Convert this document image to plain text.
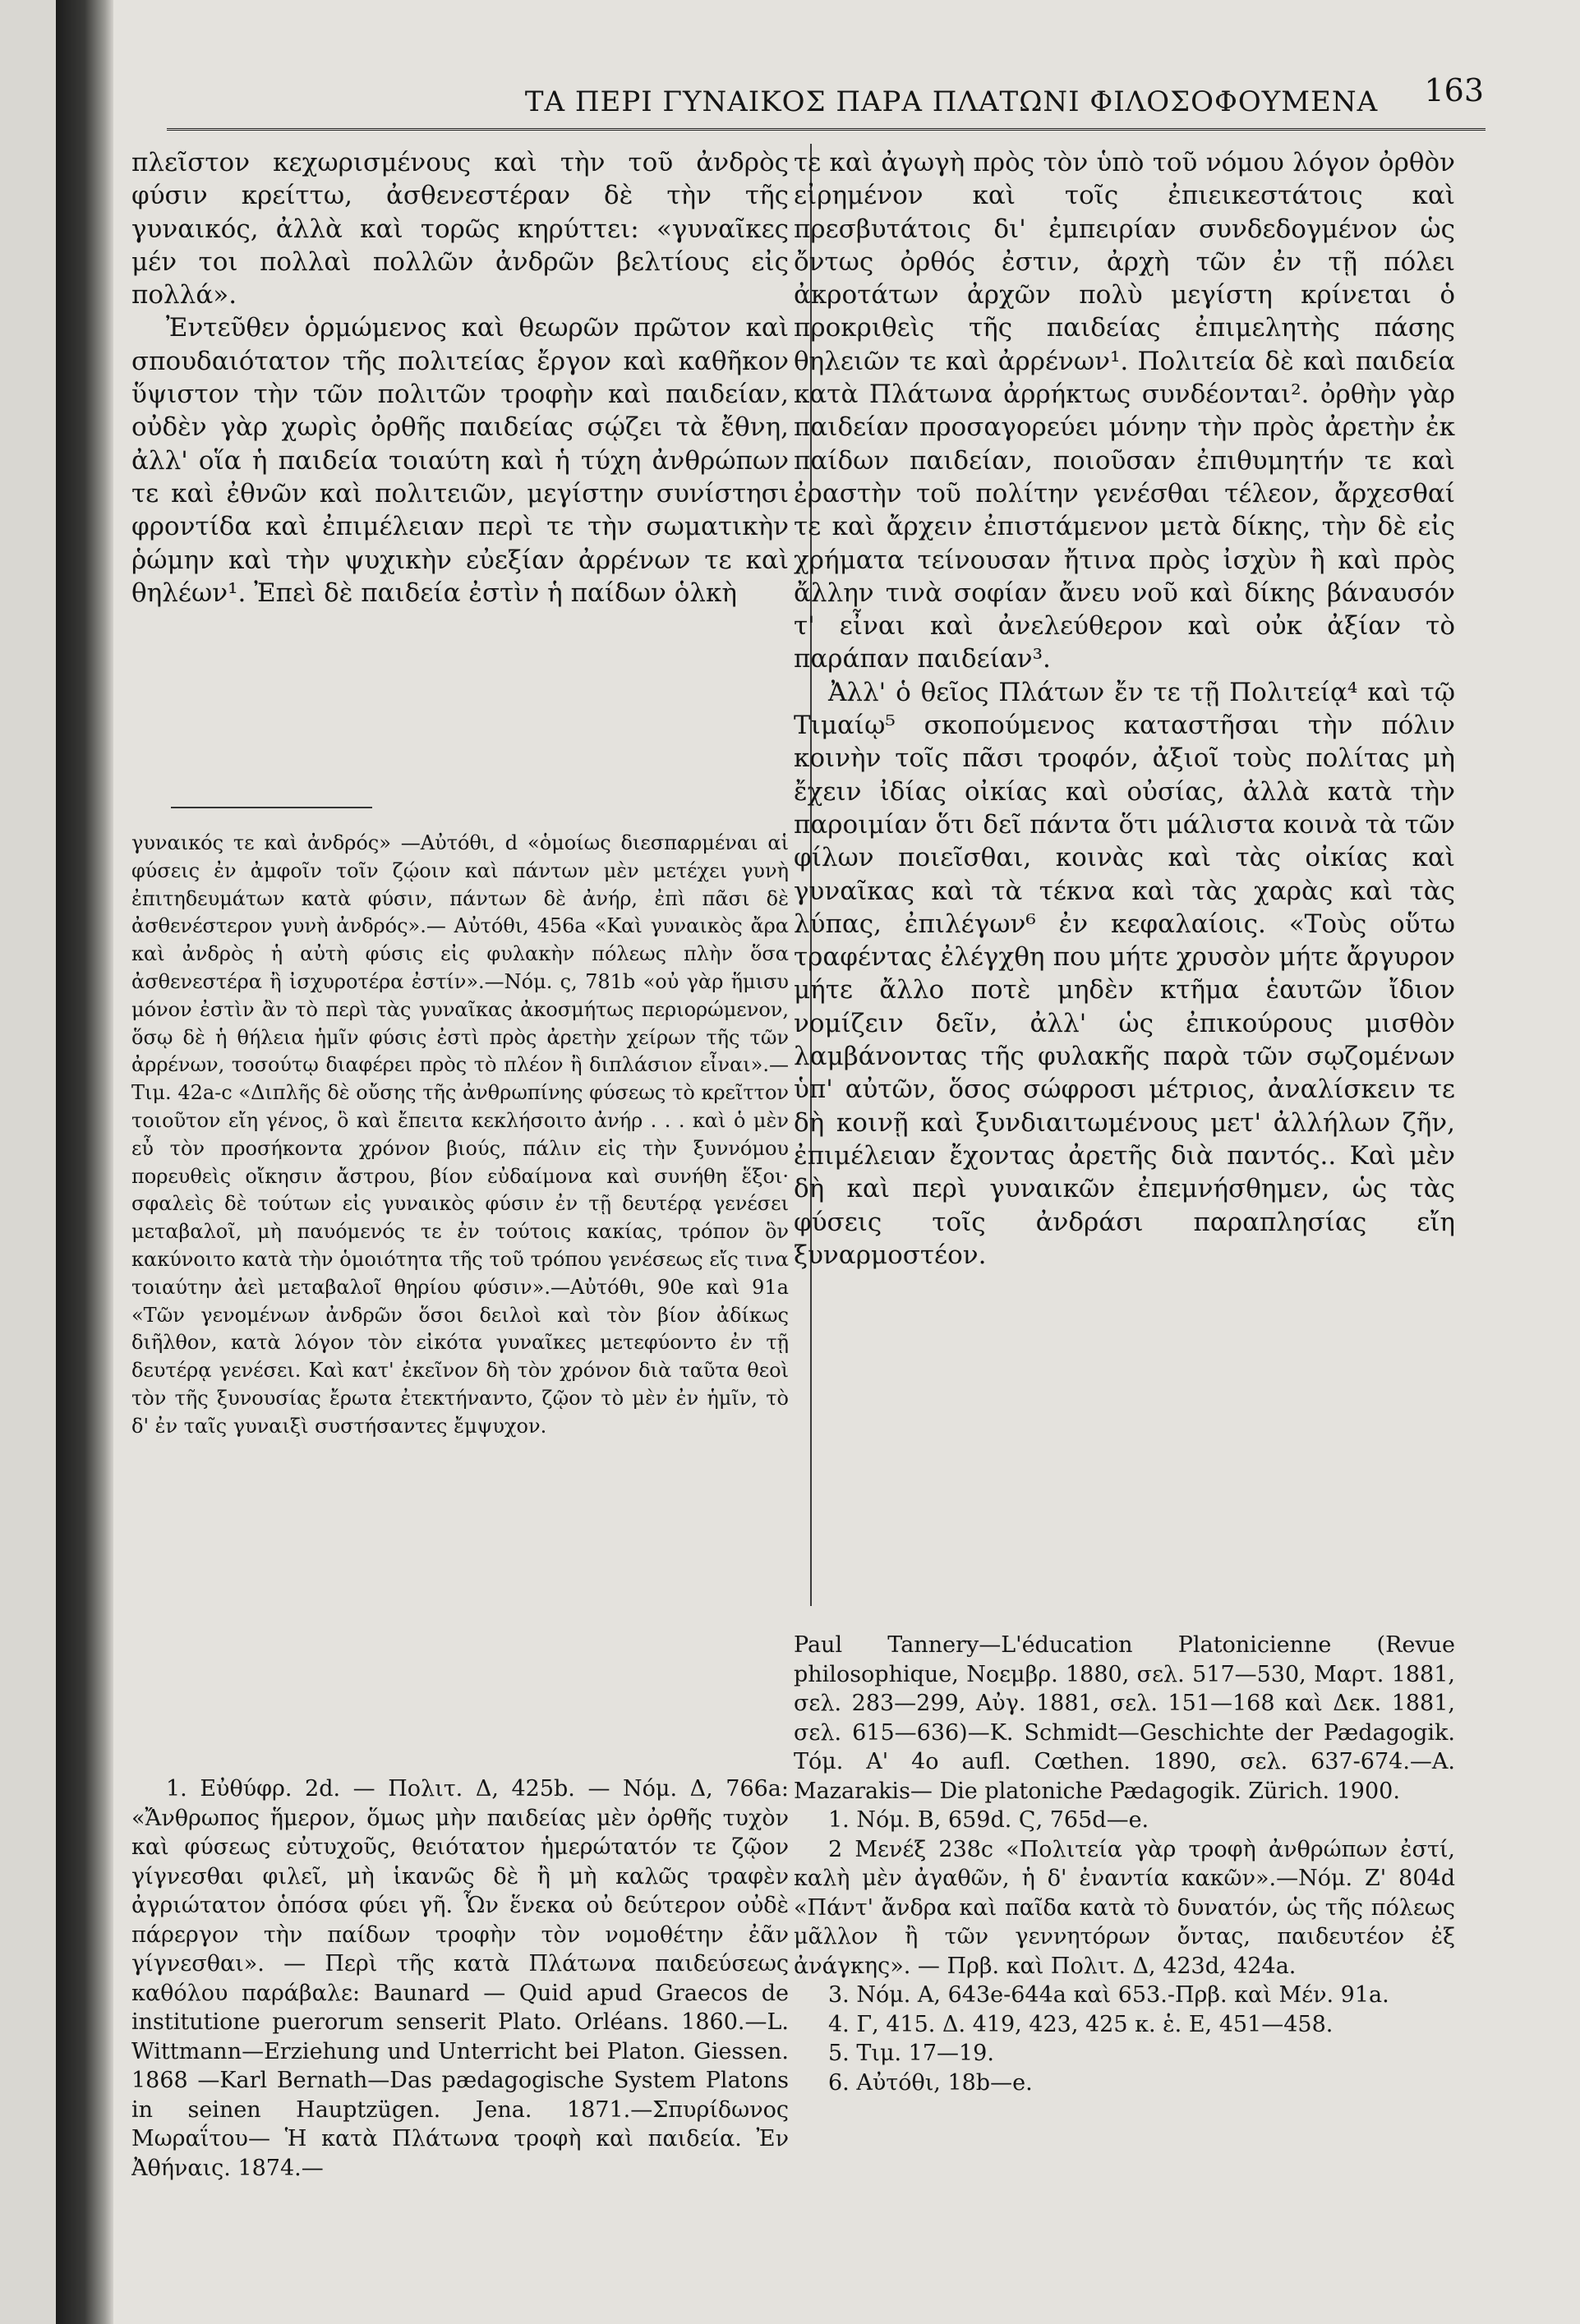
ΤΑ ΠΕΡΙ ΓΥΝΑΙΚΟΣ ΠΑΡΑ ΠΛΑΤΩΝΙ ΦΙΛΟΣΟΦΟΥΜΕΝΑ	163

πλεῖστον κεχωρισμένους καὶ τὴν τοῦ ἀνδρὸς φύσιν κρείττω, ἀσθενεστέραν δὲ τὴν τῆς γυναικός, ἀλλὰ καὶ τορῶς κηρύττει: «γυναῖκες μέν τοι πολλαὶ πολλῶν ἀνδρῶν βελτίους εἰς πολλά».

Ἐντεῦθεν ὁρμώμενος καὶ θεωρῶν πρῶτον καὶ σπουδαιότατον τῆς πολιτείας ἔργον καὶ καθῆκον ὕψιστον τὴν τῶν πολιτῶν τροφὴν καὶ παιδείαν, οὐδὲν γὰρ χωρὶς ὀρθῆς παιδείας σῴζει τὰ ἔθνη, ἀλλ' οἵα ἡ παιδεία τοιαύτη καὶ ἡ τύχη ἀνθρώπων τε καὶ ἐθνῶν καὶ πολιτειῶν, μεγίστην συνίστησι φροντίδα καὶ ἐπιμέλειαν περὶ τε τὴν σωματικὴν ῥώμην καὶ τὴν ψυχικὴν εὐεξίαν ἀρρένων τε καὶ θηλέων¹. Ἐπεὶ δὲ παιδεία ἐστὶν ἡ παίδων ὁλκὴ

γυναικός τε καὶ ἀνδρός» —Αὐτόθι, d «ὁμοίως διεσπαρμέναι αἱ φύσεις ἐν ἀμφοῖν τοῖν ζῴοιν καὶ πάντων μὲν μετέχει γυνὴ ἐπιτηδευμάτων κατὰ φύσιν, πάντων δὲ ἀνήρ, ἐπὶ πᾶσι δὲ ἀσθενέστερον γυνὴ ἀνδρός».— Αὐτόθι, 456a «Καὶ γυναικὸς ἄρα καὶ ἀνδρὸς ἡ αὐτὴ φύσις εἰς φυλακὴν πόλεως πλὴν ὅσα ἀσθενεστέρα ἢ ἰσχυροτέρα ἐστίν».—Νόμ. ς, 781b «οὐ γὰρ ἥμισυ μόνον ἐστὶν ἂν τὸ περὶ τὰς γυναῖκας ἀκοσμήτως περιορώμενον, ὅσῳ δὲ ἡ θήλεια ἡμῖν φύσις ἐστὶ πρὸς ἀρετὴν χείρων τῆς τῶν ἀρρένων, τοσούτῳ διαφέρει πρὸς τὸ πλέον ἢ διπλάσιον εἶναι».— Τιμ. 42a-c «Διπλῆς δὲ οὔσης τῆς ἀνθρωπίνης φύσεως τὸ κρεῖττον τοιοῦτον εἴη γένος, ὃ καὶ ἔπειτα κεκλήσοιτο ἀνήρ . . . καὶ ὁ μὲν εὖ τὸν προσήκοντα χρόνον βιούς, πάλιν εἰς τὴν ξυννόμου πορευθεὶς οἴκησιν ἄστρου, βίον εὐδαίμονα καὶ συνήθη ἕξοι· σφαλεὶς δὲ τούτων εἰς γυναικὸς φύσιν ἐν τῇ δευτέρᾳ γενέσει μεταβαλοῖ, μὴ παυόμενός τε ἐν τούτοις κακίας, τρόπον ὃν κακύνοιτο κατὰ τὴν ὁμοιότητα τῆς τοῦ τρόπου γενέσεως εἴς τινα τοιαύτην ἀεὶ μεταβαλοῖ θηρίου φύσιν».—Αὐτόθι, 90e καὶ 91a «Τῶν γενομένων ἀνδρῶν ὅσοι δειλοὶ καὶ τὸν βίον ἀδίκως διῆλθον, κατὰ λόγον τὸν εἰκότα γυναῖκες μετεφύοντο ἐν τῇ δευτέρᾳ γενέσει. Καὶ κατ' ἐκεῖνον δὴ τὸν χρόνον διὰ ταῦτα θεοὶ τὸν τῆς ξυνουσίας ἔρωτα ἐτεκτήναντο, ζῷον τὸ μὲν ἐν ἡμῖν, τὸ δ' ἐν ταῖς γυναιξὶ συστήσαντες ἔμψυχον.

1. Εὐθύφρ. 2d. — Πολιτ. Δ, 425b. — Νόμ. Δ, 766a: «Ἄνθρωπος ἥμερον, ὅμως μὴν παιδείας μὲν ὀρθῆς τυχὸν καὶ φύσεως εὐτυχοῦς, θειότατον ἡμερώτατόν τε ζῷον γίγνεσθαι φιλεῖ, μὴ ἱκανῶς δὲ ἢ μὴ καλῶς τραφὲν ἀγριώτατον ὁπόσα φύει γῆ. Ὧν ἕνεκα οὐ δεύτερον οὐδὲ πάρεργον τὴν παίδων τροφὴν τὸν νομοθέτην ἐᾶν γίγνεσθαι». — Περὶ τῆς κατὰ Πλάτωνα παιδεύσεως καθόλου παράβαλε: Baunard — Quid apud Graecos de institutione puerorum senserit Plato. Orléans. 1860.—L. Wittmann—Erziehung und Unterricht bei Platon. Giessen. 1868 —Karl Bernath—Das pædagogische System Platons in seinen Hauptzügen. Jena. 1871.—Σπυρίδωνος Μωραΐτου— Ἡ κατὰ Πλάτωνα τροφὴ καὶ παιδεία. Ἐν Ἀθήναις. 1874.—

τε καὶ ἀγωγὴ πρὸς τὸν ὑπὸ τοῦ νόμου λόγον ὀρθὸν εἰρημένον καὶ τοῖς ἐπιεικεστάτοις καὶ πρεσβυτάτοις δι' ἐμπειρίαν συνδεδογμένον ὡς ὄντως ὀρθός ἐστιν, ἀρχὴ τῶν ἐν τῇ πόλει ἀκροτάτων ἀρχῶν πολὺ μεγίστη κρίνεται ὁ προκριθεὶς τῆς παιδείας ἐπιμελητὴς πάσης θηλειῶν τε καὶ ἀρρένων¹. Πολιτεία δὲ καὶ παιδεία κατὰ Πλάτωνα ἀρρήκτως συνδέονται². ὀρθὴν γὰρ παιδείαν προσαγορεύει μόνην τὴν πρὸς ἀρετὴν ἐκ παίδων παιδείαν, ποιοῦσαν ἐπιθυμητήν τε καὶ ἐραστὴν τοῦ πολίτην γενέσθαι τέλεον, ἄρχεσθαί τε καὶ ἄρχειν ἐπιστάμενον μετὰ δίκης, τὴν δὲ εἰς χρήματα τείνουσαν ἤτινα πρὸς ἰσχὺν ἢ καὶ πρὸς ἄλλην τινὰ σοφίαν ἄνευ νοῦ καὶ δίκης βάναυσόν τ' εἶναι καὶ ἀνελεύθερον καὶ οὐκ ἀξίαν τὸ παράπαν παιδείαν³.

Ἀλλ' ὁ θεῖος Πλάτων ἔν τε τῇ Πολιτείᾳ⁴ καὶ τῷ Τιμαίῳ⁵ σκοπούμενος καταστῆσαι τὴν πόλιν κοινὴν τοῖς πᾶσι τροφόν, ἀξιοῖ τοὺς πολίτας μὴ ἔχειν ἰδίας οἰκίας καὶ οὐσίας, ἀλλὰ κατὰ τὴν παροιμίαν ὅτι δεῖ πάντα ὅτι μάλιστα κοινὰ τὰ τῶν φίλων ποιεῖσθαι, κοινὰς καὶ τὰς οἰκίας καὶ γυναῖκας καὶ τὰ τέκνα καὶ τὰς χαρὰς καὶ τὰς λύπας, ἐπιλέγων⁶ ἐν κεφαλαίοις. «Τοὺς οὕτω τραφέντας ἐλέγχθη που μήτε χρυσὸν μήτε ἄργυρον μήτε ἄλλο ποτὲ μηδὲν κτῆμα ἑαυτῶν ἴδιον νομίζειν δεῖν, ἀλλ' ὡς ἐπικούρους μισθὸν λαμβάνοντας τῆς φυλακῆς παρὰ τῶν σῳζομένων ὑπ' αὐτῶν, ὅσος σώφροσι μέτριος, ἀναλίσκειν τε δὴ κοινῇ καὶ ξυνδιαιτωμένους μετ' ἀλλήλων ζῆν, ἐπιμέλειαν ἔχοντας ἀρετῆς διὰ παντός.. Καὶ μὲν δὴ καὶ περὶ γυναικῶν ἐπεμνήσθημεν, ὡς τὰς φύσεις τοῖς ἀνδράσι παραπλησίας εἴη ξυναρμοστέον.

Paul Tannery—L'éducation Platonicienne (Revue philosophique, Νοεμβρ. 1880, σελ. 517—530, Μαρτ. 1881, σελ. 283—299, Αὐγ. 1881, σελ. 151—168 καὶ Δεκ. 1881, σελ. 615—636)—K. Schmidt—Geschichte der Pædagogik. Τόμ. Α' 4ο aufl. Cœthen. 1890, σελ. 637-674.—A. Mazarakis— Die platoniche Pædagogik. Zürich. 1900.

1. Νόμ. Β, 659d. Ϛ, 765d—e.

2 Μενέξ 238c «Πολιτεία γὰρ τροφὴ ἀνθρώπων ἐστί, καλὴ μὲν ἀγαθῶν, ἡ δ' ἐναντία κακῶν».—Νόμ. Ζ' 804d «Πάντ' ἄνδρα καὶ παῖδα κατὰ τὸ δυνατόν, ὡς τῆς πόλεως μᾶλλον ἢ τῶν γεννητόρων ὄντας, παιδευτέον ἐξ ἀνάγκης». — Πρβ. καὶ Πολιτ. Δ, 423d, 424a.

3. Νόμ. Α, 643e-644a καὶ 653.-Πρβ. καὶ Μέν. 91a.

4. Γ, 415. Δ. 419, 423, 425 κ. ἑ. Ε, 451—458.

5. Τιμ. 17—19.

6. Αὐτόθι, 18b—e.
